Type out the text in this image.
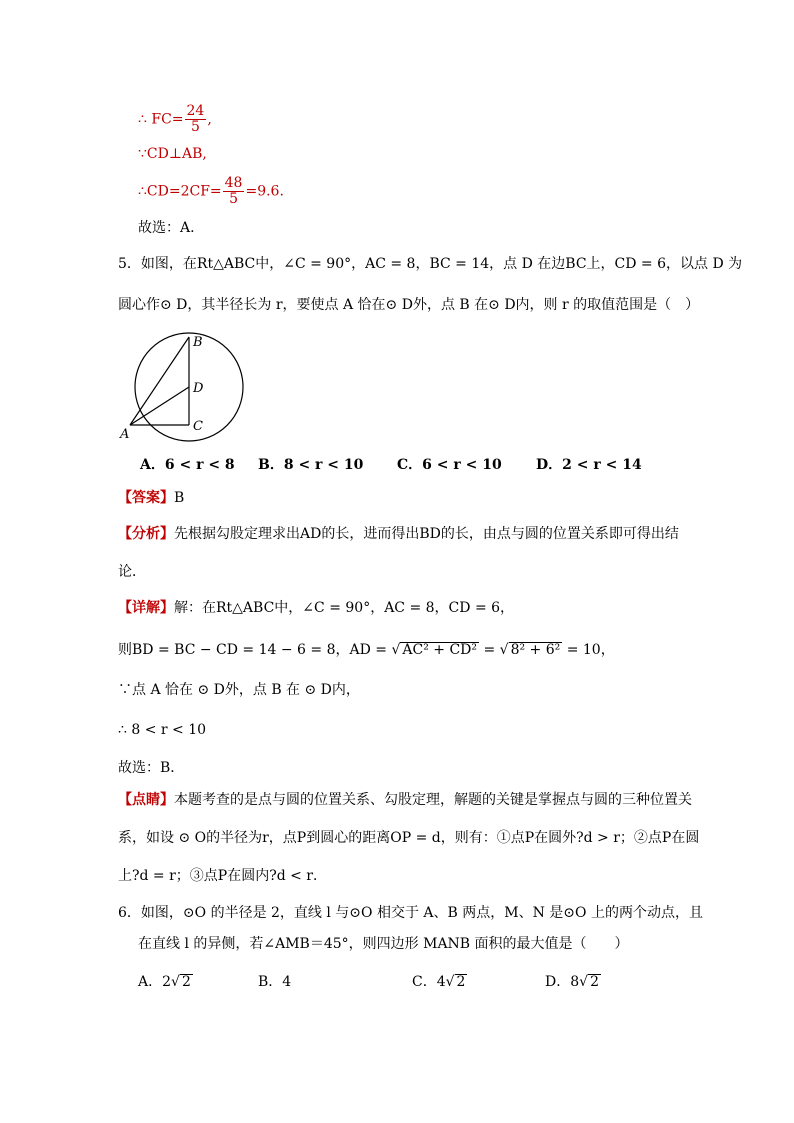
∴ $FC= \frac{24}{5}$ ,
∵CD⊥AB,
∴CD=2CF= $\frac{48}{5} =9.6$.
故选：A.
5．如图，在Rt△ABC中，∠C = 90°，AC = 8，BC = 14，点 D 在边BC上，CD = 6，以点 D 为
圆心作⊙ D，其半径长为 r，要使点 A 恰在⊙ D外，点 B 在⊙ D内，则 r 的取值范围是（　）
B
D
A
C
A．6 < r < 8 B．8 < r < 10 C．6 < r < 10 D．2 < r < 14
【答案】B
【分析】先根据勾股定理求出AD的长，进而得出BD的长，由点与圆的位置关系即可得出结
论．
【详解】解：在Rt△ABC中，∠C = 90°，AC = 8，CD = 6，
则BD = BC − CD = 14 − 6 = 8，AD = √ AC² + CD² = √ 8² + 6² = 10，
∵点 A 恰在 ⊙ D外，点 B 在 ⊙ D内，
∴ 8 < r < 10
故选：B．
【点睛】本题考查的是点与圆的位置关系、勾股定理，解题的关键是掌握点与圆的三种位置关
系，如设 ⊙ O的半径为r，点P到圆心的距离OP = d，则有：①点P在圆外?d > r；②点P在圆
上?d = r；③点P在圆内?d < r．
6．如图，⊙O 的半径是 2，直线 l 与⊙O 相交于 A、B 两点，M、N 是⊙O 上的两个动点，且
在直线 l 的异侧，若∠AMB＝45°，则四边形 MANB 面积的最大值是（　　）
A．2√ 2	B．4	C．4√ 2	D．8√ 2
